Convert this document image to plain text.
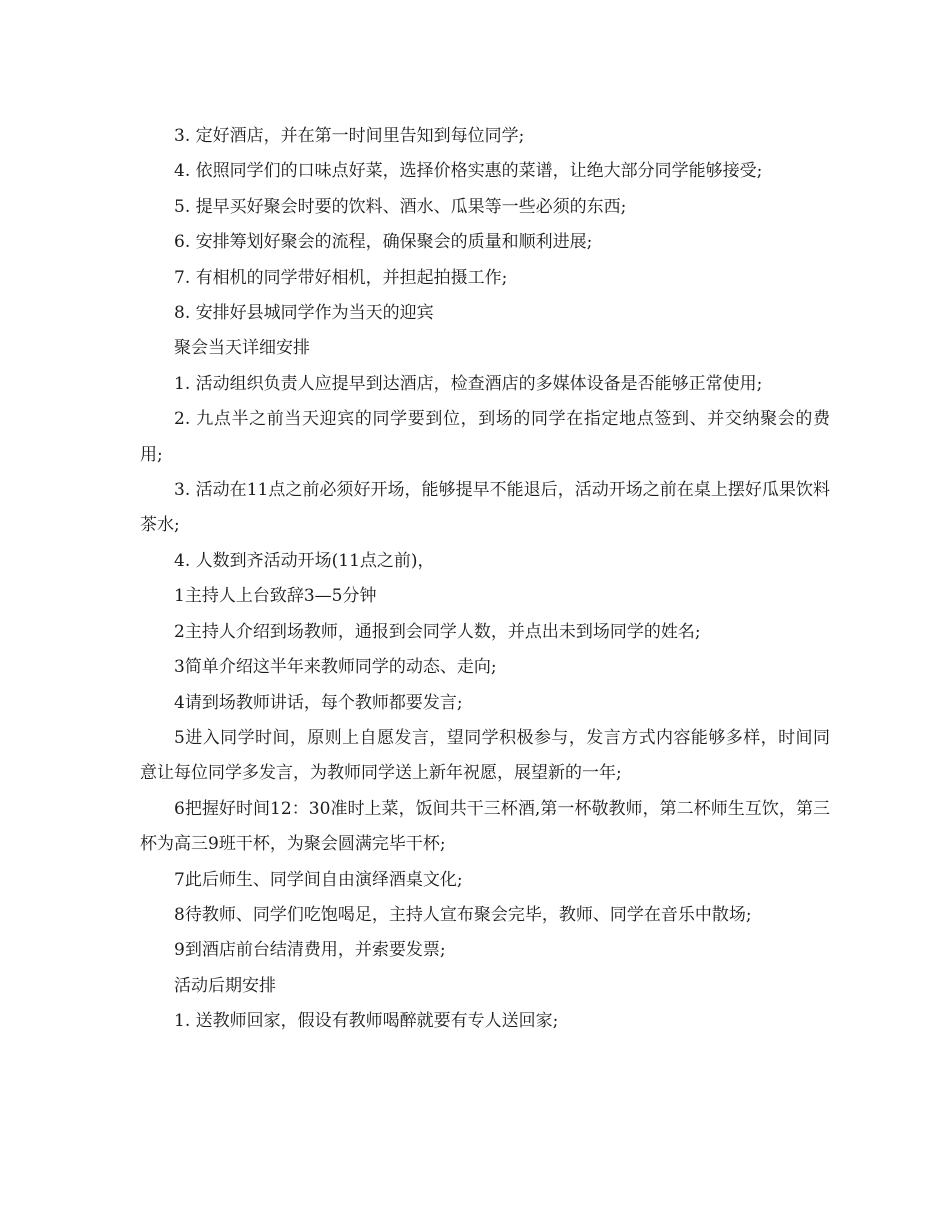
3. 定好酒店，并在第一时间里告知到每位同学;

4. 依照同学们的口味点好菜，选择价格实惠的菜谱，让绝大部分同学能够接受;

5. 提早买好聚会时要的饮料、酒水、瓜果等一些必须的东西;

6. 安排筹划好聚会的流程，确保聚会的质量和顺利进展;

7. 有相机的同学带好相机，并担起拍摄工作;

8. 安排好县城同学作为当天的迎宾

聚会当天详细安排

1. 活动组织负责人应提早到达酒店，检查酒店的多媒体设备是否能够正常使用;

2. 九点半之前当天迎宾的同学要到位，到场的同学在指定地点签到、并交纳聚会的费用;

3. 活动在11点之前必须好开场，能够提早不能退后，活动开场之前在桌上摆好瓜果饮料茶水;

4. 人数到齐活动开场(11点之前)，

1主持人上台致辞3—5分钟

2主持人介绍到场教师，通报到会同学人数，并点出未到场同学的姓名;

3简单介绍这半年来教师同学的动态、走向;

4请到场教师讲话，每个教师都要发言;

5进入同学时间，原则上自愿发言，望同学积极参与，发言方式内容能够多样，时间同意让每位同学多发言，为教师同学送上新年祝愿，展望新的一年;

6把握好时间12：30准时上菜，饭间共干三杯酒,第一杯敬教师，第二杯师生互饮，第三杯为高三9班干杯，为聚会圆满完毕干杯;

7此后师生、同学间自由演绎酒桌文化;

8待教师、同学们吃饱喝足，主持人宣布聚会完毕，教师、同学在音乐中散场;

9到酒店前台结清费用，并索要发票;

活动后期安排

1. 送教师回家，假设有教师喝醉就要有专人送回家;
